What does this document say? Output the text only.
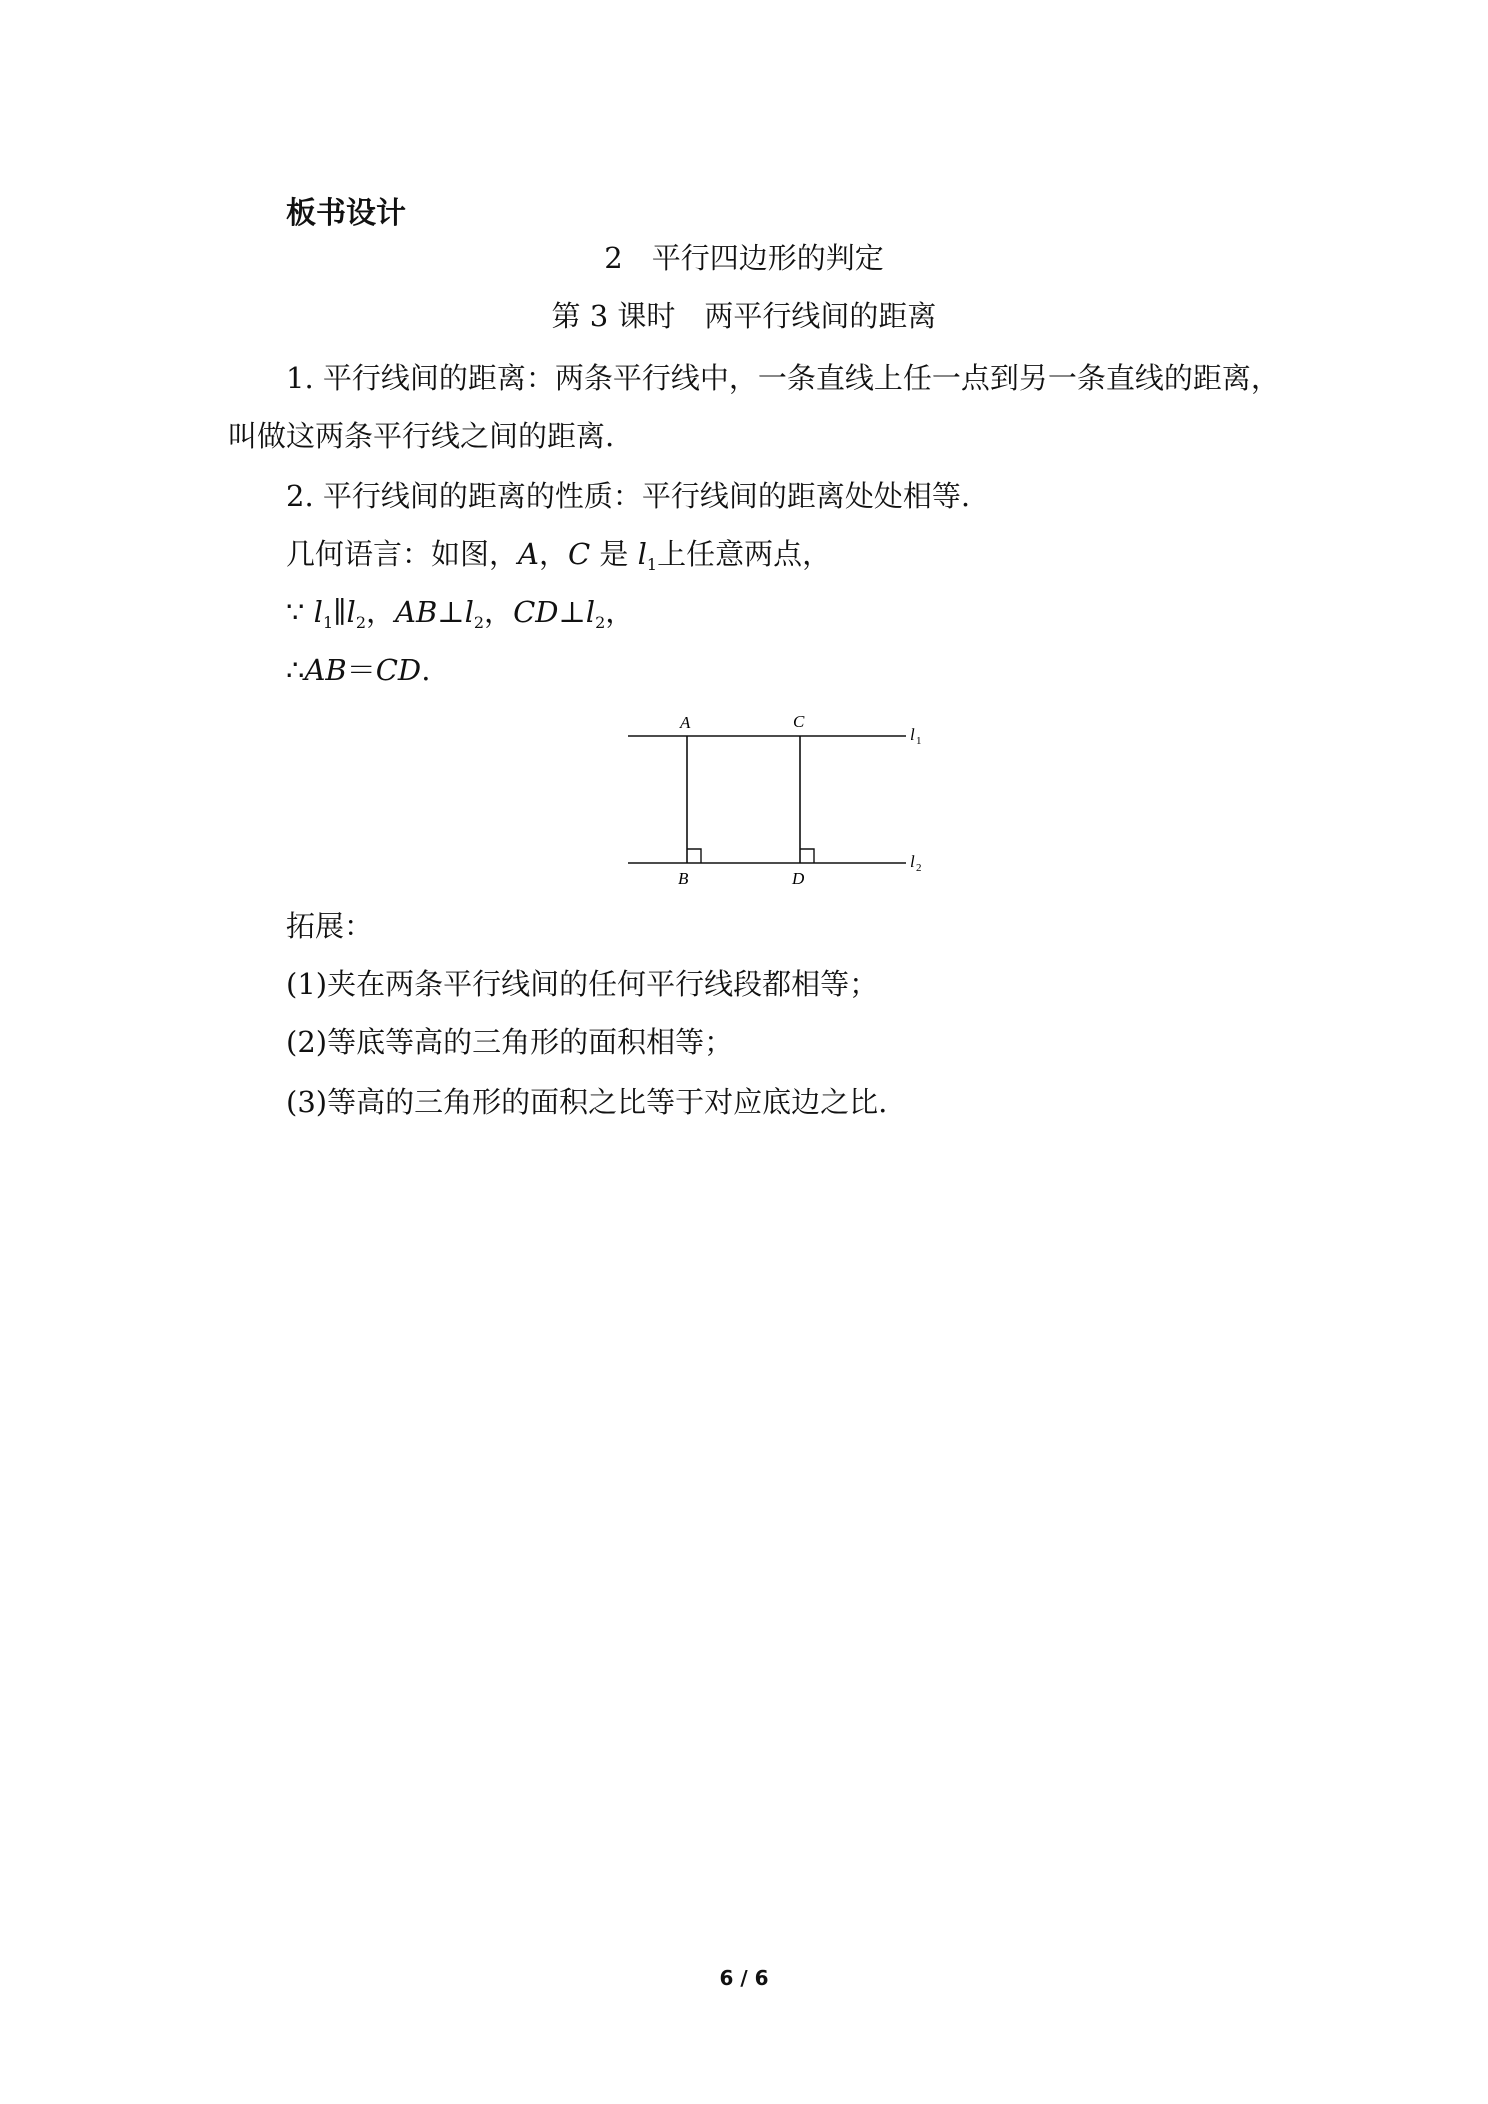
板书设计
2　平行四边形的判定
第 3 课时　两平行线间的距离
1. 平行线间的距离：两条平行线中，一条直线上任一点到另一条直线的距离，
叫做这两条平行线之间的距离.
2. 平行线间的距离的性质：平行线间的距离处处相等.
几何语言：如图，A，C 是 $l_1$上任意两点，
∵ $l_1\parallel l_2$，$AB\perp l_2$，$CD\perp l_2$，
∴AB＝CD.
A	C
B	D
l 1
l 2
拓展：
(1)夹在两条平行线间的任何平行线段都相等；
(2)等底等高的三角形的面积相等；
(3)等高的三角形的面积之比等于对应底边之比.
6 / 6
